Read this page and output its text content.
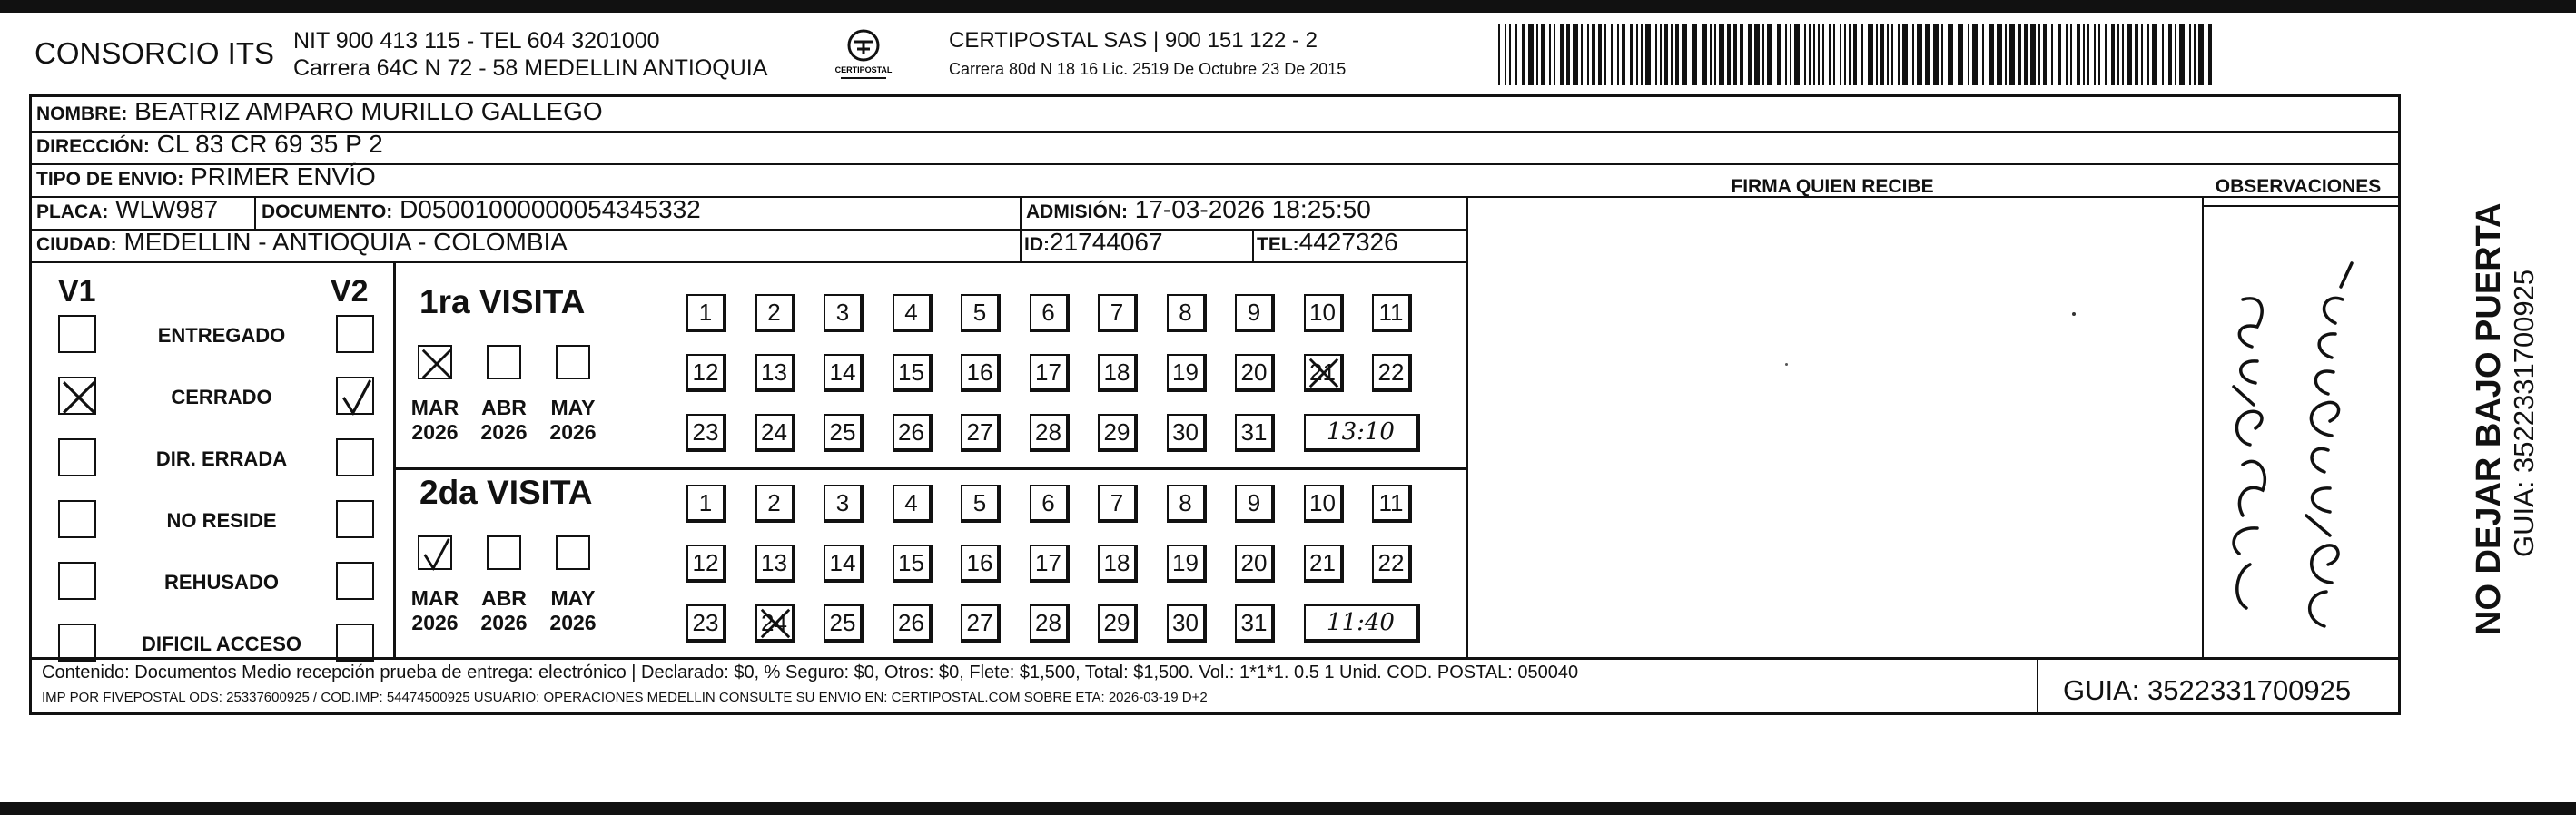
CONSORCIO ITS NIT 900 413 115 - TEL 604 3201000
Carrera 64C N 72 - 58 MEDELLIN ANTIOQUIA	CERTIPOSTAL
CERTIPOSTAL SAS | 900 151 122 - 2
Carrera 80d N 18 16 Lic. 2519 De Octubre 23 De 2015
NOMBRE: BEATRIZ AMPARO MURILLO GALLEGO
DIRECCIÓN: CL 83 CR 69 35 P 2
TIPO DE ENVIO: PRIMER ENVÍO
PLACA: WLW987 DOCUMENTO: D05001000000054345332	ADMISIÓN: 17-03-2026 18:25:50
CIUDAD: MEDELLIN - ANTIOQUIA - COLOMBIA	ID:21744067	TEL:4427326
FIRMA QUIEN RECIBE	OBSERVACIONES
V1	V2
ENTREGADO
CERRADO
DIR. ERRADA
NO RESIDE
REHUSADO
DIFICIL ACCESO
1ra VISITA
2da VISITA
MAR
2026
ABR
2026
MAY
2026
1	2	3	4	5	6	7	8	9	10	11
12	13	14	15	16	17	18	19	20	21	22
23	24	25	26	27	28	29	30	31	13:10
MAR
2026
ABR
2026
MAY
2026
1	2	3	4	5	6	7	8	9	10	11
12	13	14	15	16	17	18	19	20	21	22
23	24	25	26	27	28	29	30	31	11:40
Contenido: Documentos Medio recepción prueba de entrega: electrónico | Declarado: $0, % Seguro: $0, Otros: $0, Flete: $1,500, Total: $1,500. Vol.: 1*1*1. 0.5 1 Unid. COD. POSTAL: 050040
IMP POR FIVEPOSTAL ODS: 25337600925 / COD.IMP: 54474500925 USUARIO: OPERACIONES MEDELLIN CONSULTE SU ENVIO EN: CERTIPOSTAL.COM SOBRE ETA: 2026-03-19 D+2	GUIA: 3522331700925
NO DEJAR BAJO PUERTA GUIA: 3522331700925
